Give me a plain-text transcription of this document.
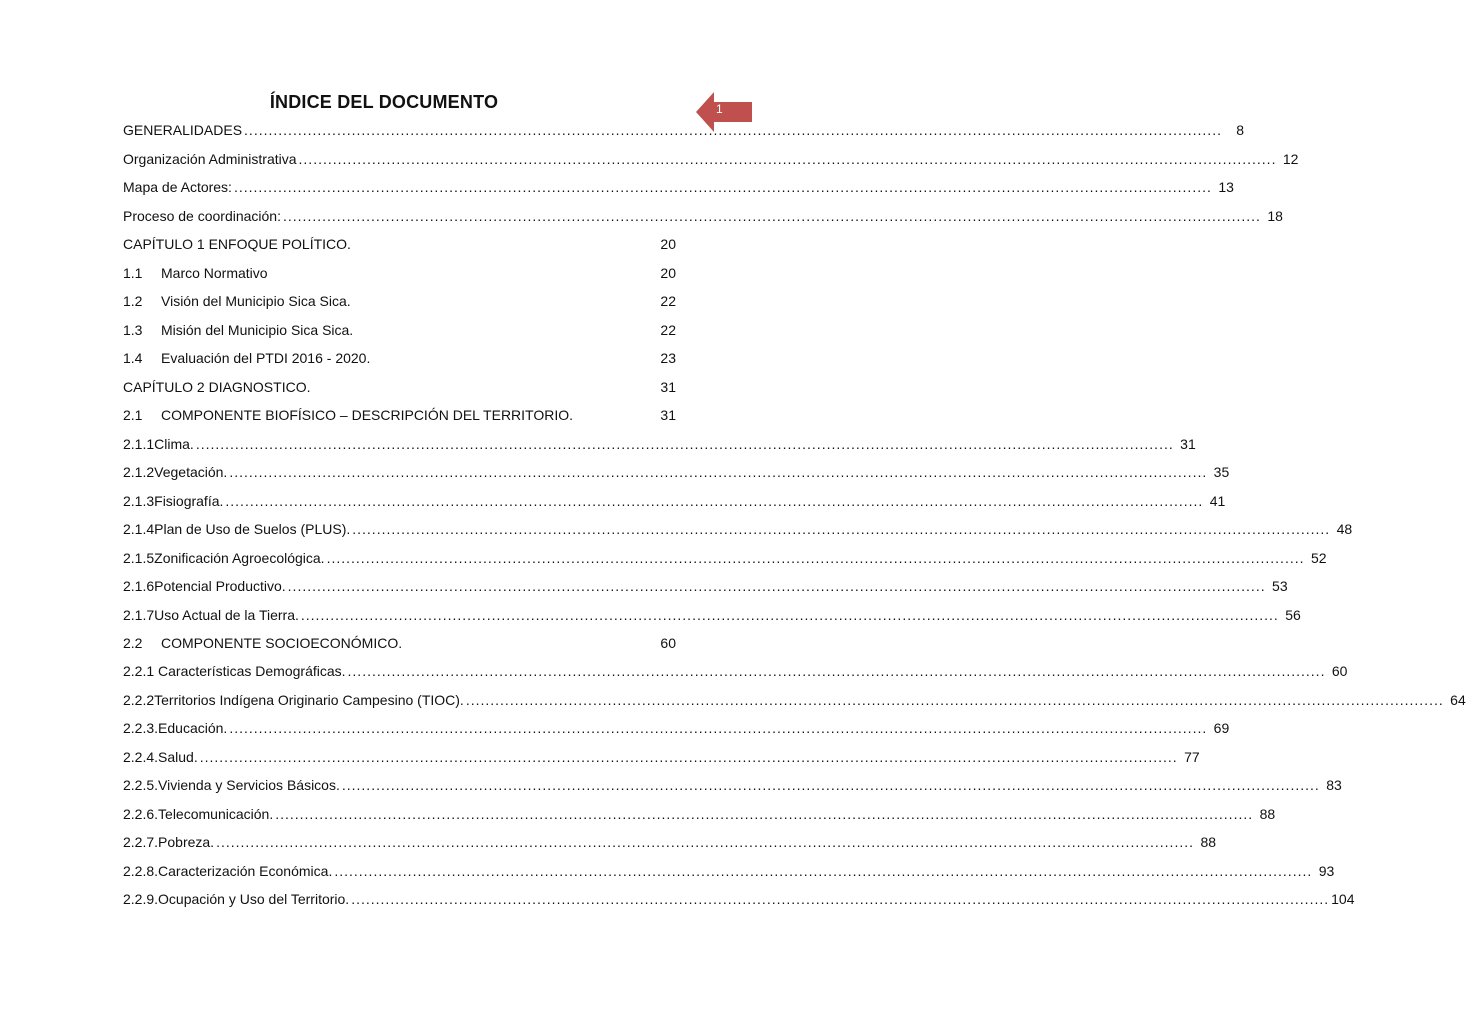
ÍNDICE DEL DOCUMENTO	1
GENERALIDADES ........................................................................................................................................................................................................	8
Organización Administrativa ........................................................................................................................................................................................................ 12
Mapa de Actores: ........................................................................................................................................................................................................ 13
Proceso de coordinación: ........................................................................................................................................................................................................ 18
CAPÍTULO 1 ENFOQUE POLÍTICO.	20
1.1	Marco Normativo	20
1.2	Visión del Municipio Sica Sica.	22
1.3	Misión del Municipio Sica Sica.	22
1.4	Evaluación del PTDI 2016 - 2020.	23
CAPÍTULO 2 DIAGNOSTICO.	31
2.1	COMPONENTE BIOFÍSICO – DESCRIPCIÓN DEL TERRITORIO.	31
2.1.1 Clima. ........................................................................................................................................................................................................ 31
2.1.2 Vegetación. ........................................................................................................................................................................................................ 35
2.1.3 Fisiografía. ........................................................................................................................................................................................................ 41
2.1.4 Plan de Uso de Suelos (PLUS). ........................................................................................................................................................................................................ 48
2.1.5 Zonificación Agroecológica. ........................................................................................................................................................................................................ 52
2.1.6 Potencial Productivo. ........................................................................................................................................................................................................ 53
2.1.7 Uso Actual de la Tierra. ........................................................................................................................................................................................................ 56
2.2	COMPONENTE SOCIOECONÓMICO.	60
2.2.1 Características Demográficas. ........................................................................................................................................................................................................ 60
2.2.2 Territorios Indígena Originario Campesino (TIOC). ........................................................................................................................................................................................................ 64
2.2.3. Educación. ........................................................................................................................................................................................................ 69
2.2.4. Salud. ........................................................................................................................................................................................................ 77
2.2.5. Vivienda y Servicios Básicos. ........................................................................................................................................................................................................ 83
2.2.6. Telecomunicación. ........................................................................................................................................................................................................ 88
2.2.7. Pobreza. ........................................................................................................................................................................................................ 88
2.2.8. Caracterización Económica. ........................................................................................................................................................................................................ 93
2.2.9. Ocupación y Uso del Territorio. ........................................................................................................................................................................................................ 104
